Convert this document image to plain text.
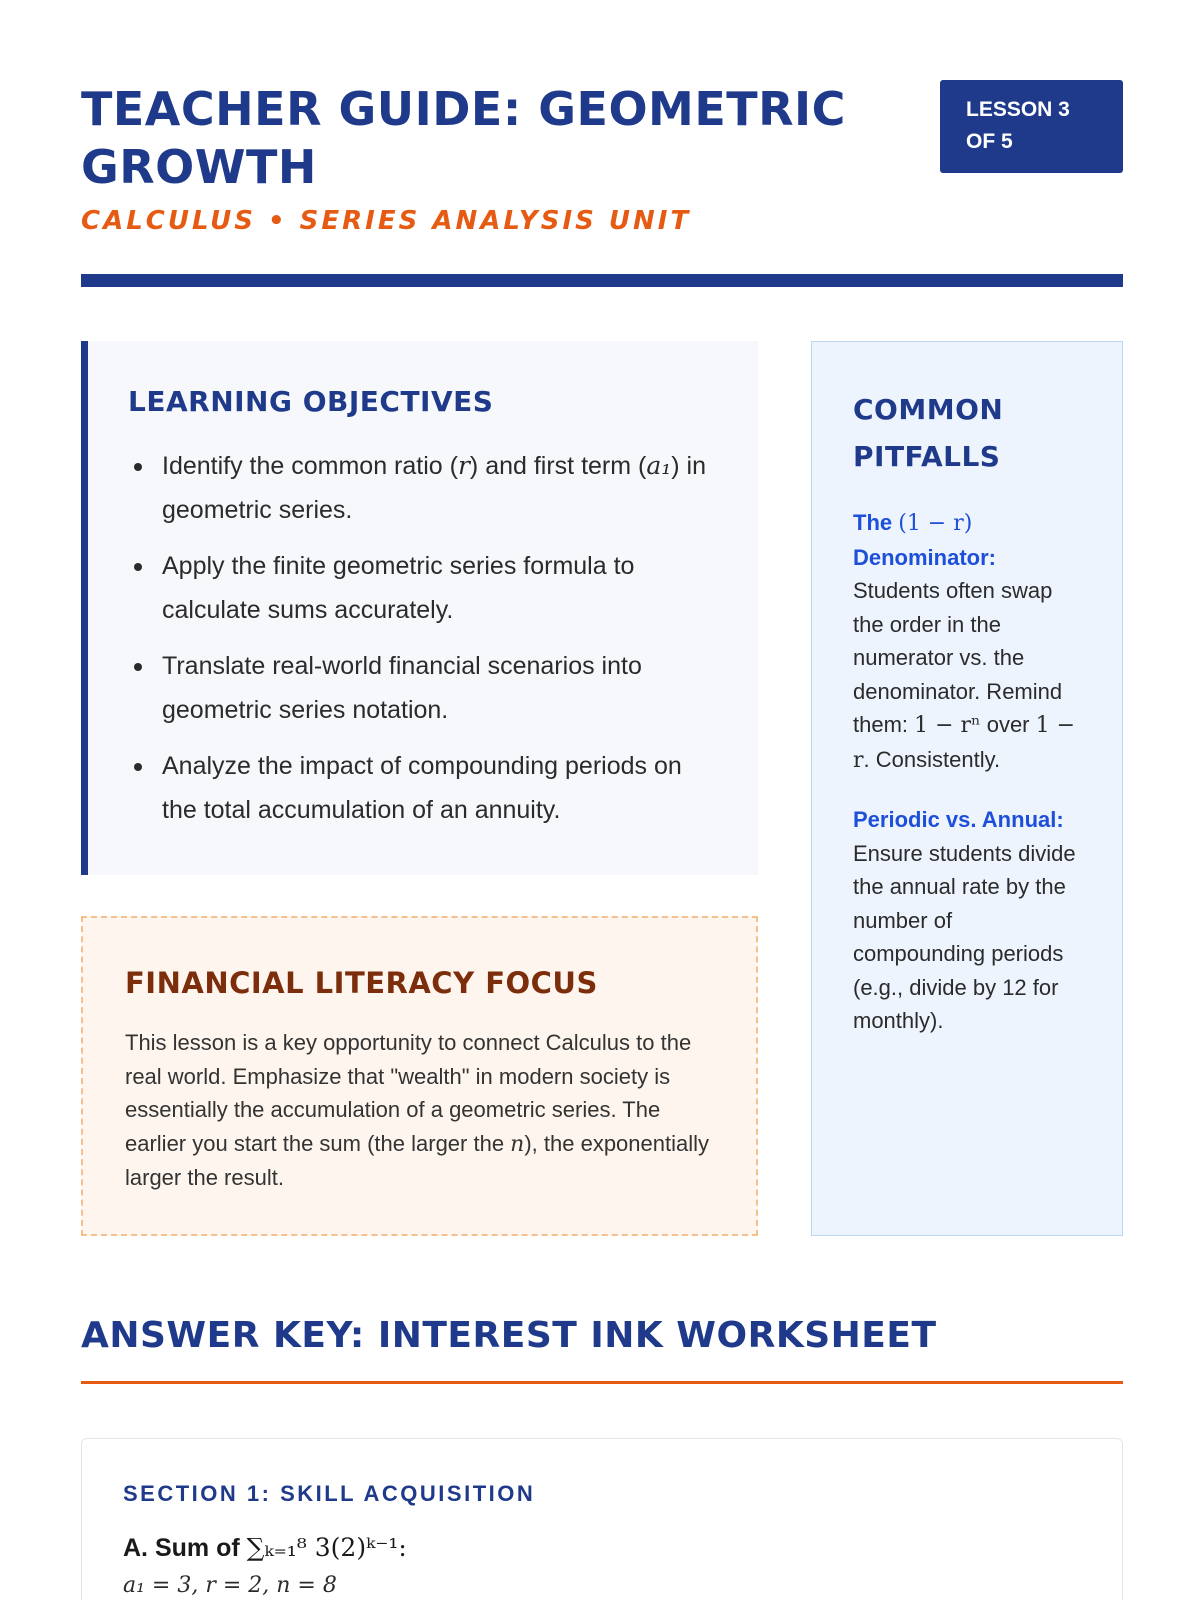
TEACHER GUIDE: GEOMETRIC GROWTH
CALCULUS • SERIES ANALYSIS UNIT
LESSON 3 OF 5
LEARNING OBJECTIVES
Identify the common ratio (r) and first term (a₁) in geometric series.
Apply the finite geometric series formula to calculate sums accurately.
Translate real-world financial scenarios into geometric series notation.
Analyze the impact of compounding periods on the total accumulation of an annuity.
FINANCIAL LITERACY FOCUS

This lesson is a key opportunity to connect Calculus to the real world. Emphasize that "wealth" in modern society is essentially the accumulation of a geometric series. The earlier you start the sum (the larger the n), the exponentially larger the result.

COMMON PITFALLS
The (1 − r) Denominator:
Students often swap the order in the numerator vs. the denominator. Remind them: 1 − rⁿ over 1 − r. Consistently.
Periodic vs. Annual:
Ensure students divide the annual rate by the number of compounding periods (e.g., divide by 12 for monthly).
ANSWER KEY: INTEREST INK WORKSHEET
SECTION 1: SKILL ACQUISITION
A. Sum of ∑ₖ₌₁⁸ 3(2)ᵏ⁻¹:
a₁ = 3, r = 2, n = 8
